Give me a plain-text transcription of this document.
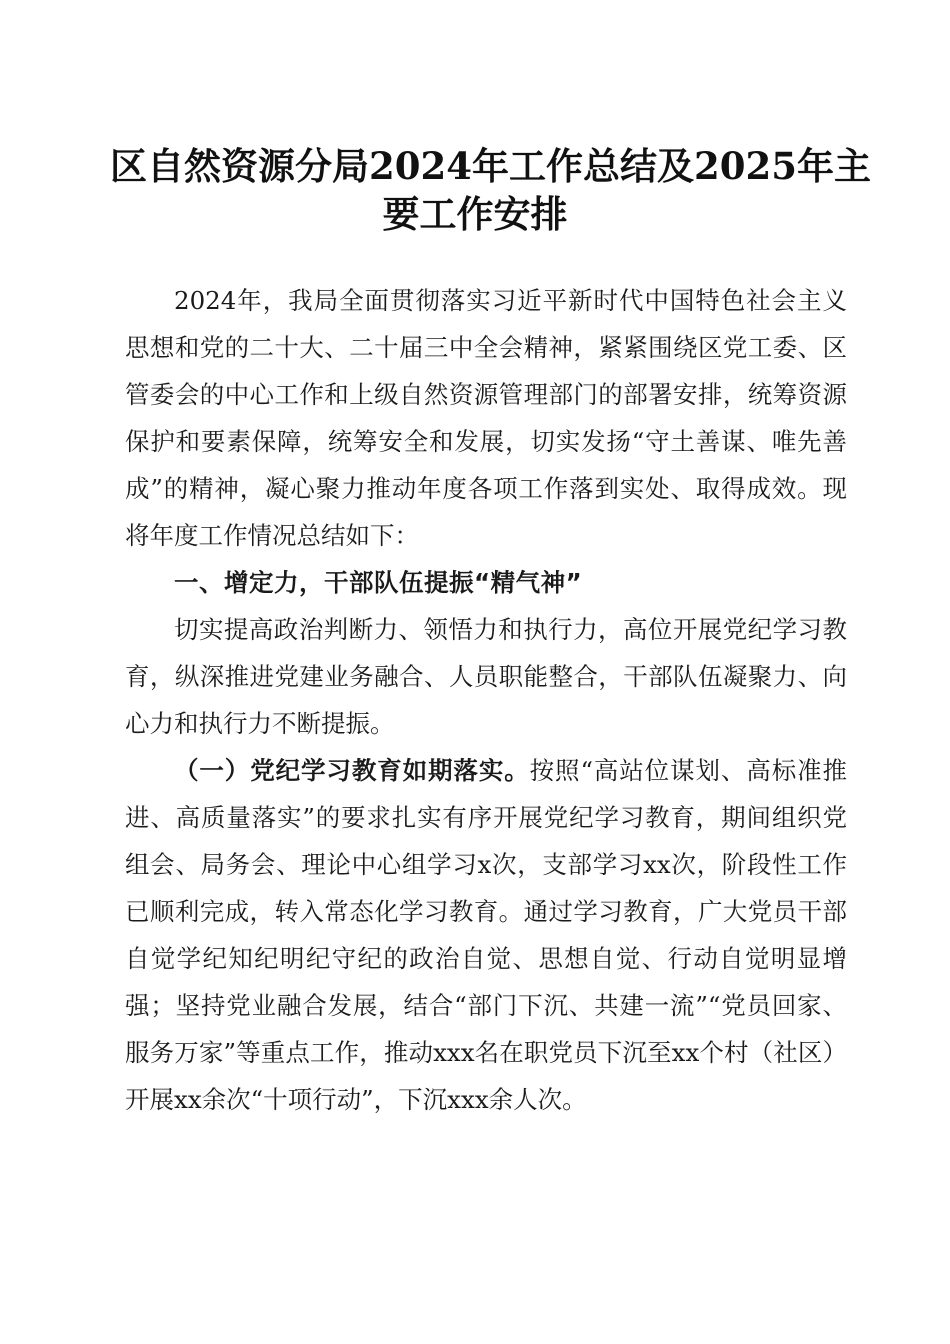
区自然资源分局2024年工作总结及2025年主
要工作安排

2024年，我局全面贯彻落实习近平新时代中国特色社会主义思想和党的二十大、二十届三中全会精神，紧紧围绕区党工委、区管委会的中心工作和上级自然资源管理部门的部署安排，统筹资源保护和要素保障，统筹安全和发展，切实发扬“守土善谋、唯先善成”的精神，凝心聚力推动年度各项工作落到实处、取得成效。现将年度工作情况总结如下：

一、增定力，干部队伍提振“精气神”

切实提高政治判断力、领悟力和执行力，高位开展党纪学习教育，纵深推进党建业务融合、人员职能整合，干部队伍凝聚力、向心力和执行力不断提振。

（一）党纪学习教育如期落实。按照“高站位谋划、高标准推进、高质量落实”的要求扎实有序开展党纪学习教育，期间组织党组会、局务会、理论中心组学习x次，支部学习xx次，阶段性工作已顺利完成，转入常态化学习教育。通过学习教育，广大党员干部自觉学纪知纪明纪守纪的政治自觉、思想自觉、行动自觉明显增强；坚持党业融合发展，结合“部门下沉、共建一流”“党员回家、服务万家”等重点工作，推动xxx名在职党员下沉至xx个村（社区）开展xx余次“十项行动”，下沉xxx余人次。
